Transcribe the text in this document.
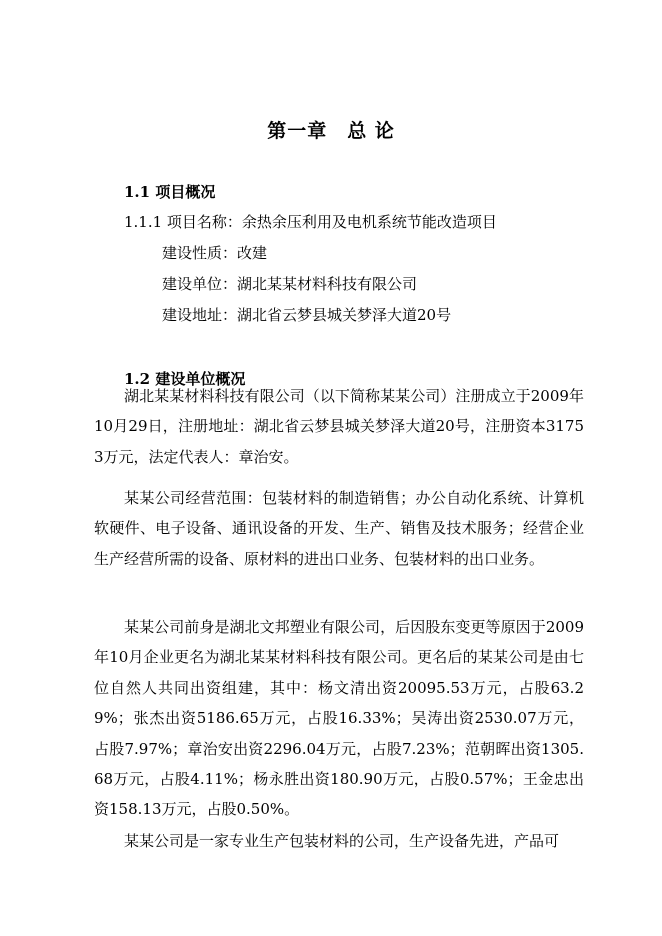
第一章　总 论
1.1 项目概况
1.1.1 项目名称：余热余压利用及电机系统节能改造项目
建设性质：改建
建设单位：湖北某某材料科技有限公司
建设地址：湖北省云梦县城关梦泽大道20号
1.2 建设单位概况

湖北某某材料科技有限公司（以下简称某某公司）注册成立于2009年10月29日，注册地址：湖北省云梦县城关梦泽大道20号，注册资本31753万元，法定代表人：章治安。

某某公司经营范围：包装材料的制造销售；办公自动化系统、计算机软硬件、电子设备、通讯设备的开发、生产、销售及技术服务；经营企业生产经营所需的设备、原材料的进出口业务、包装材料的出口业务。

某某公司前身是湖北文邦塑业有限公司，后因股东变更等原因于2009年10月企业更名为湖北某某材料科技有限公司。更名后的某某公司是由七位自然人共同出资组建，其中：杨文清出资20095.53万元，占股63.29%；张杰出资5186.65万元，占股16.33%；吴涛出资2530.07万元，占股7.97%；章治安出资2296.04万元，占股7.23%；范朝晖出资1305.68万元，占股4.11%；杨永胜出资180.90万元，占股0.57%；王金忠出资158.13万元，占股0.50%。

某某公司是一家专业生产包装材料的公司，生产设备先进，产品可
